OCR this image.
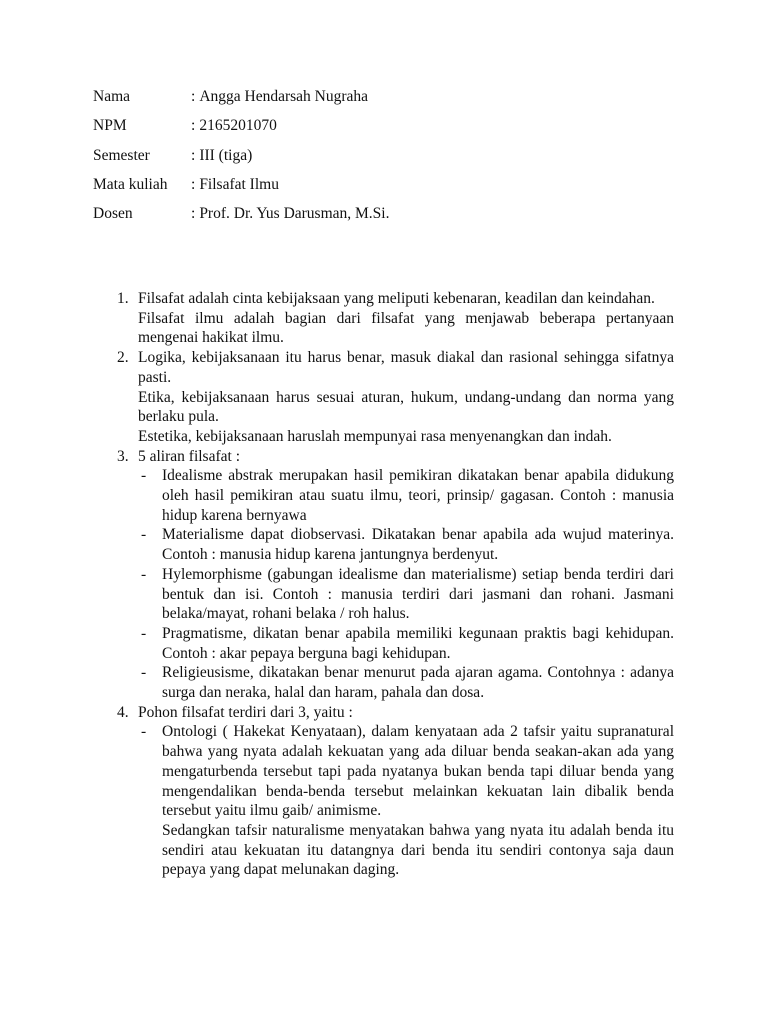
Nama	: Angga Hendarsah Nugraha
NPM	: 2165201070
Semester	: III (tiga)
Mata kuliah	: Filsafat Ilmu
Dosen	: Prof. Dr. Yus Darusman, M.Si.
1. Filsafat adalah cinta kebijaksaan yang meliputi kebenaran, keadilan dan keindahan.

Filsafat ilmu adalah bagian dari filsafat yang menjawab beberapa pertanyaan mengenai hakikat ilmu.

2. Logika, kebijaksanaan itu harus benar, masuk diakal dan rasional sehingga sifatnya pasti.

Etika, kebijaksanaan harus sesuai aturan, hukum, undang-undang dan norma yang berlaku pula.

Estetika, kebijaksanaan haruslah mempunyai rasa menyenangkan dan indah.

3. 5 aliran filsafat :

- Idealisme abstrak merupakan hasil pemikiran dikatakan benar apabila didukung oleh hasil pemikiran atau suatu ilmu, teori, prinsip/ gagasan. Contoh : manusia hidup karena bernyawa

- Materialisme dapat diobservasi. Dikatakan benar apabila ada wujud materinya. Contoh : manusia hidup karena jantungnya berdenyut.

- Hylemorphisme (gabungan idealisme dan materialisme) setiap benda terdiri dari bentuk dan isi. Contoh : manusia terdiri dari jasmani dan rohani. Jasmani belaka/mayat, rohani belaka / roh halus.

- Pragmatisme, dikatan benar apabila memiliki kegunaan praktis bagi kehidupan. Contoh : akar pepaya berguna bagi kehidupan.

- Religieusisme, dikatakan benar menurut pada ajaran agama. Contohnya : adanya surga dan neraka, halal dan haram, pahala dan dosa.

4. Pohon filsafat terdiri dari 3, yaitu :

- Ontologi ( Hakekat Kenyataan), dalam kenyataan ada 2 tafsir yaitu supranatural bahwa yang nyata adalah kekuatan yang ada diluar benda seakan-akan ada yang mengaturbenda tersebut tapi pada nyatanya bukan benda tapi diluar benda yang mengendalikan benda-benda tersebut melainkan kekuatan lain dibalik benda tersebut yaitu ilmu gaib/ animisme.

Sedangkan tafsir naturalisme menyatakan bahwa yang nyata itu adalah benda itu sendiri atau kekuatan itu datangnya dari benda itu sendiri contonya saja daun pepaya yang dapat melunakan daging.
